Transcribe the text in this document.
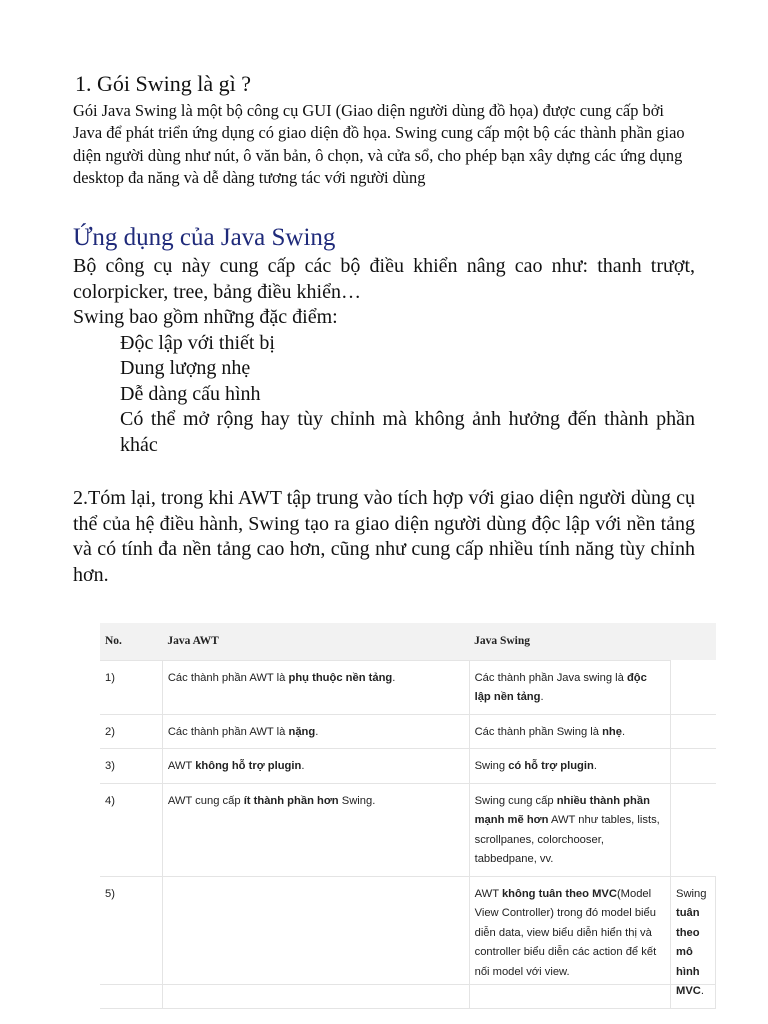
1. Gói Swing là gì ?

Gói Java Swing là một bộ công cụ GUI (Giao diện người dùng đồ họa) được cung cấp bởi Java để phát triển ứng dụng có giao diện đồ họa. Swing cung cấp một bộ các thành phần giao diện người dùng như nút, ô văn bản, ô chọn, và cửa sổ, cho phép bạn xây dựng các ứng dụng desktop đa năng và dễ dàng tương tác với người dùng

Ứng dụng của Java Swing

Bộ công cụ này cung cấp các bộ điều khiển nâng cao như: thanh trượt, colorpicker, tree, bảng điều khiển…

Swing bao gồm những đặc điểm:

Độc lập với thiết bị
Dung lượng nhẹ
Dễ dàng cấu hình
Có thể mở rộng hay tùy chỉnh mà không ảnh hưởng đến thành phần khác

2.Tóm lại, trong khi AWT tập trung vào tích hợp với giao diện người dùng cụ thể của hệ điều hành, Swing tạo ra giao diện người dùng độc lập với nền tảng và có tính đa nền tảng cao hơn, cũng như cung cấp nhiều tính năng tùy chỉnh hơn.

No.	Java AWT	Java Swing	
1)	Các thành phần AWT là phụ thuộc nền tảng.	Các thành phần Java swing là độc lập nền tảng.	
2)	Các thành phần AWT là nặng.	Các thành phần Swing là nhẹ.	
3)	AWT không hỗ trợ plugin.	Swing có hỗ trợ plugin.	
4)	AWT cung cấp ít thành phần hơn Swing.	Swing cung cấp nhiều thành phần mạnh mẽ hơn AWT như tables, lists, scrollpanes, colorchooser, tabbedpane, vv.	
5)		AWT không tuân theo MVC(Model View Controller) trong đó model biểu diễn data, view biểu diễn hiển thị và controller biểu diễn các action để kết nối model với view.	Swing tuân theo mô hình MVC.
